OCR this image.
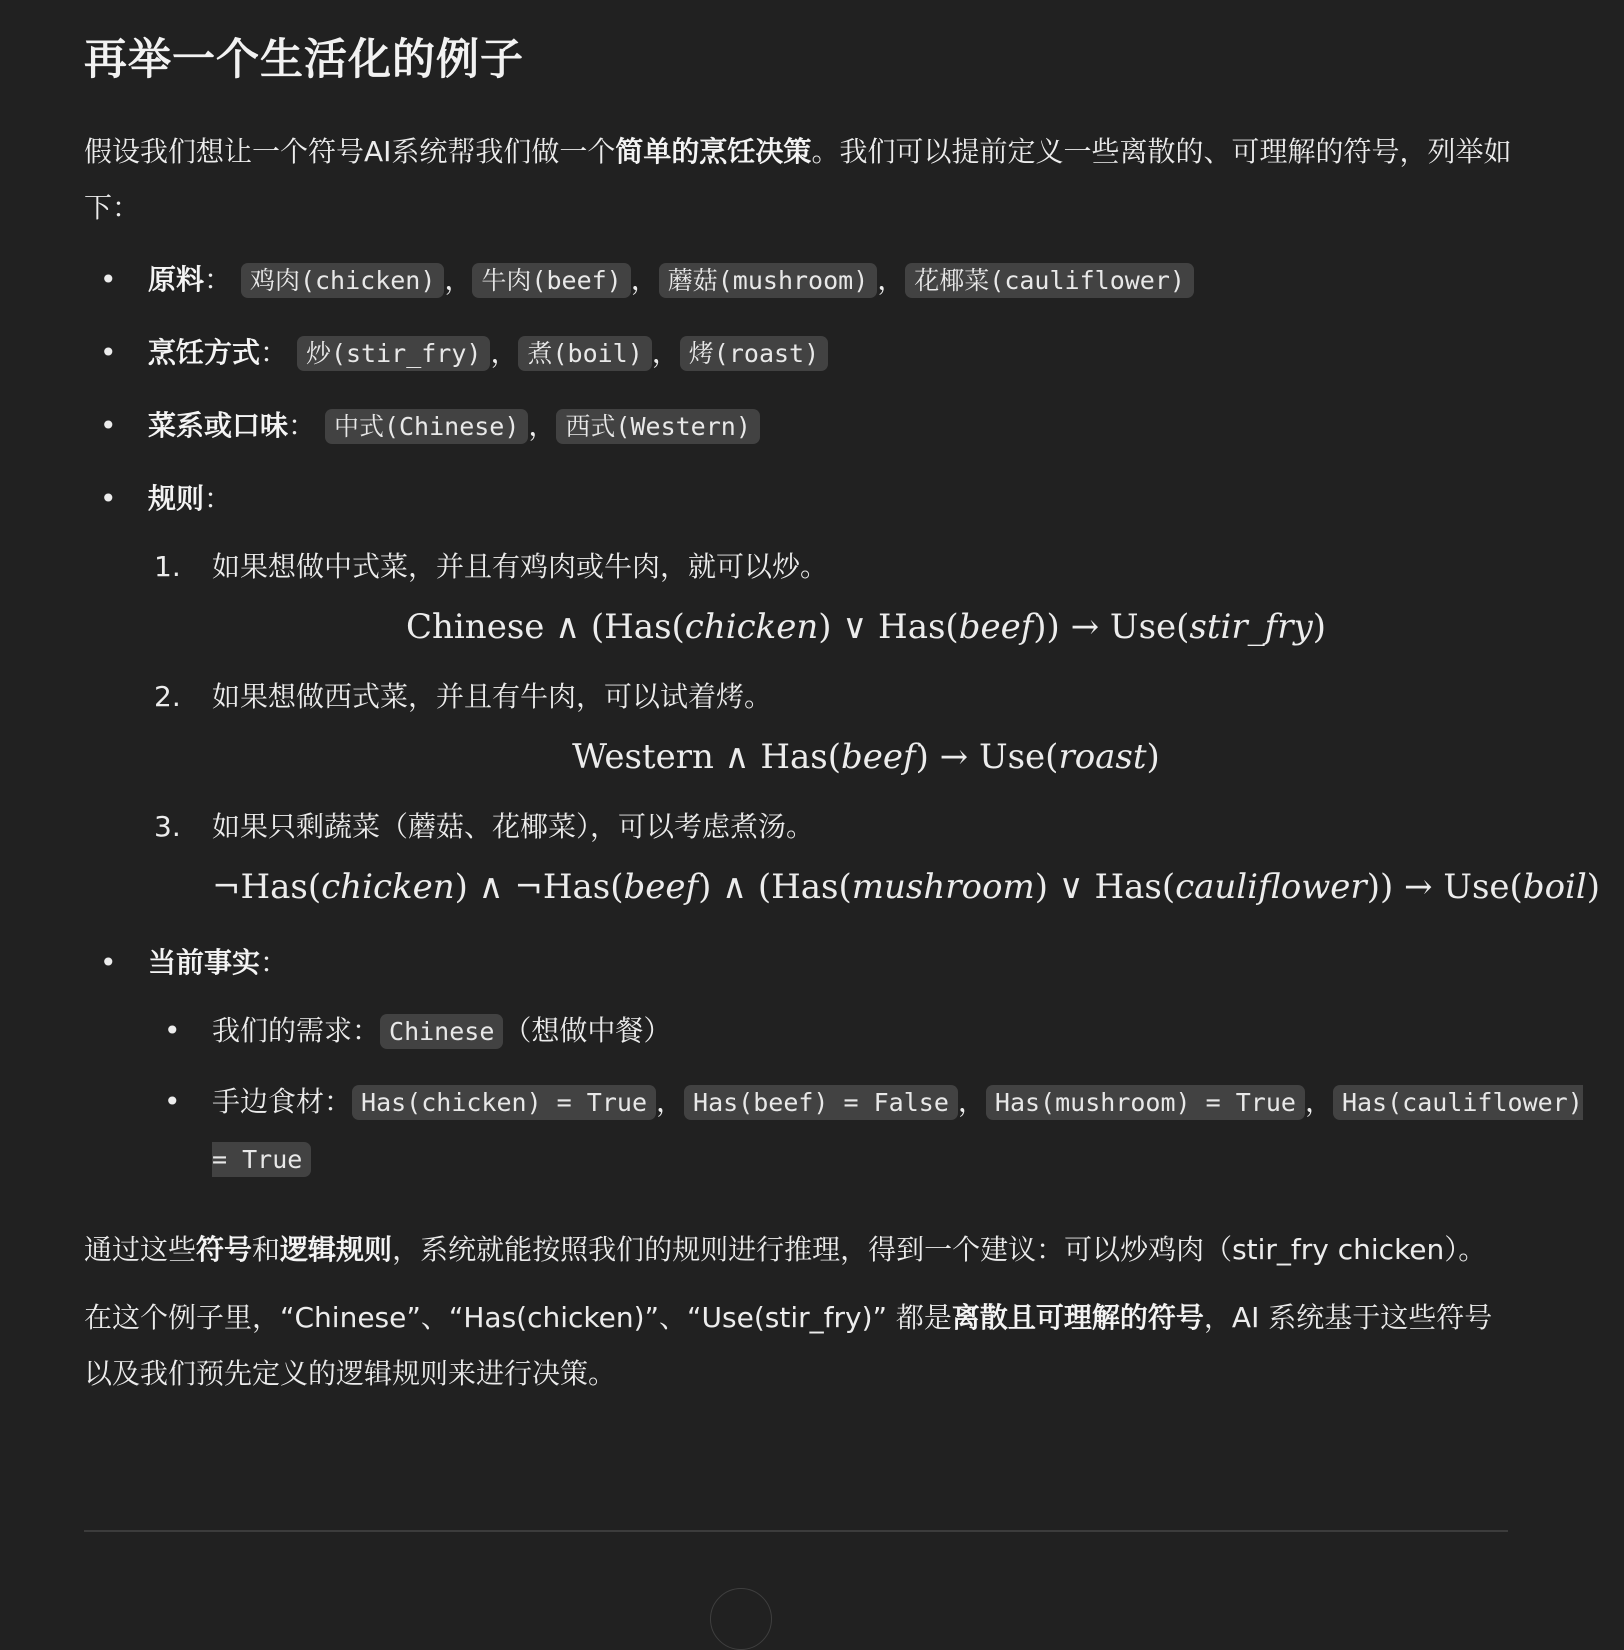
再举一个生活化的例子

假设我们想让一个符号AI系统帮我们做一个简单的烹饪决策。我们可以提前定义一些离散的、可理解的符号，列举如下：

• 原料： 鸡肉(chicken) ， 牛肉(beef) ， 蘑菇(mushroom) ， 花椰菜(cauliflower)
• 烹饪方式： 炒(stir_fry) ， 煮(boil) ， 烤(roast)
• 菜系或口味： 中式(Chinese) ， 西式(Western)
• 规则：
1.	如果想做中式菜，并且有鸡肉或牛肉，就可以炒。
Chinese ∧ (Has(chicken) ∨ Has(beef)) → Use(stir_fry)
2.	如果想做西式菜，并且有牛肉，可以试着烤。
Western ∧ Has(beef) → Use(roast)
3.	如果只剩蔬菜（蘑菇、花椰菜），可以考虑煮汤。
¬Has(chicken) ∧ ¬Has(beef) ∧ (Has(mushroom) ∨ Has(cauliflower)) → Use(boil)
• 当前事实：
•	我们的需求： Chinese （想做中餐）
•	手边食材： Has(chicken) = True ， Has(beef) = False ， Has(mushroom) = True ， Has(cauliflower) = True

通过这些符号和逻辑规则，系统就能按照我们的规则进行推理，得到一个建议：可以炒鸡肉（stir_fry chicken）。

在这个例子里，“Chinese”、“Has(chicken)”、“Use(stir_fry)” 都是离散且可理解的符号，AI 系统基于这些符号以及我们预先定义的逻辑规则来进行决策。
